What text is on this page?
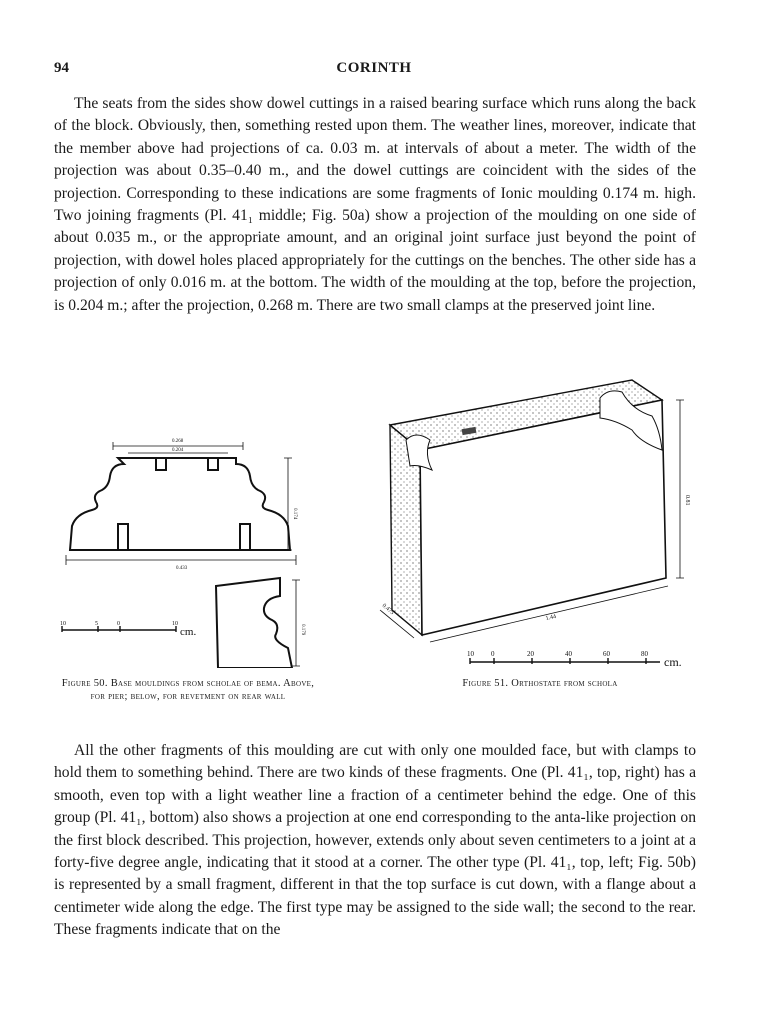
94	CORINTH

The seats from the sides show dowel cuttings in a raised bearing surface which runs along the back of the block. Obviously, then, something rested upon them. The weather lines, moreover, indicate that the member above had projections of ca. 0.03 m. at intervals of about a meter. The width of the projection was about 0.35–0.40 m., and the dowel cuttings are coincident with the sides of the projection. Corresponding to these indications are some fragments of Ionic moulding 0.174 m. high. Two joining fragments (Pl. 41₁ middle; Fig. 50a) show a projection of the moulding on one side of about 0.035 m., or the appropriate amount, and an original joint surface just beyond the point of projection, with dowel holes placed appropriately for the cuttings on the benches. The other side has a projection of only 0.016 m. at the bottom. The width of the moulding at the top, before the projection, is 0.204 m.; after the projection, 0.268 m. There are two small clamps at the preserved joint line.

0.268
0.204
0.174
0.433
0.179
10	5	0	10
cm.
0.81
1.44
0.475
10 0	20	40	60	80
cm.
Figure 50. Base mouldings from scholae of bema. Above, for pier; below, for revetment on rear wall
Figure 51. Orthostate from schola

All the other fragments of this moulding are cut with only one moulded face, but with clamps to hold them to something behind. There are two kinds of these fragments. One (Pl. 41₁, top, right) has a smooth, even top with a light weather line a fraction of a centimeter behind the edge. One of this group (Pl. 41₁, bottom) also shows a projection at one end corresponding to the anta-like projection on the first block described. This projection, however, extends only about seven centimeters to a joint at a forty-five degree angle, indicating that it stood at a corner. The other type (Pl. 41₁, top, left; Fig. 50b) is represented by a small fragment, different in that the top surface is cut down, with a flange about a centimeter wide along the edge. The first type may be assigned to the side wall; the second to the rear. These fragments indicate that on the
